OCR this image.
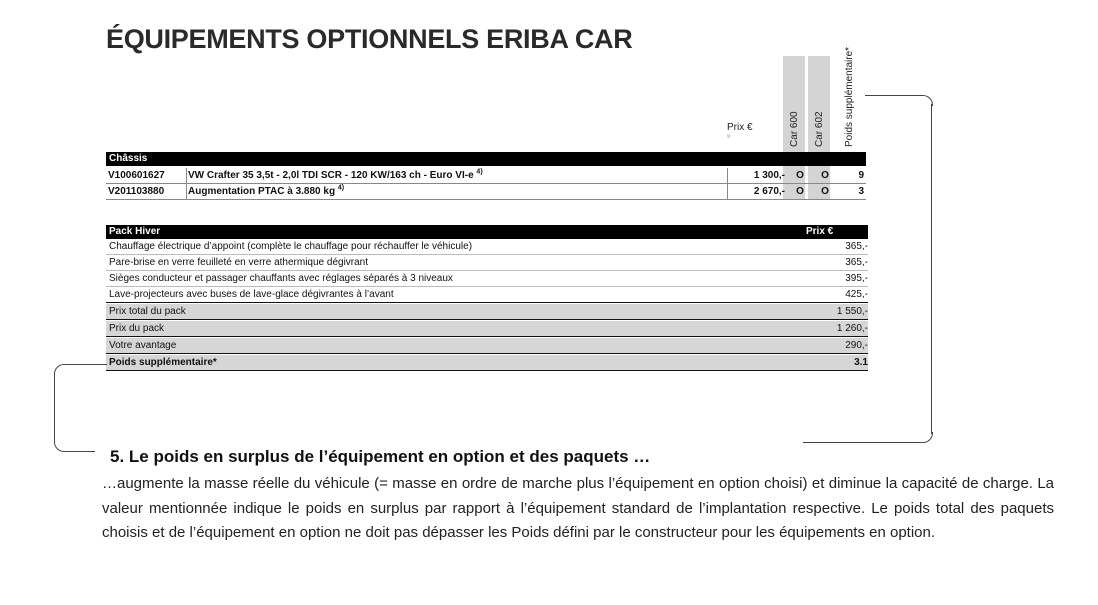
ÉQUIPEMENTS OPTIONNELS ERIBA CAR
Prix €
¹⁾	Car 600 Car 602 Poids supplémentaire*
Châssis
V100601627 VW Crafter 35 3,5t - 2,0l TDI SCR - 120 KW/163 ch - Euro VI-e $^{4)}$	1 300,-	O	O	9
V201103880 Augmentation PTAC à 3.880 kg $^{4)}$	2 670,-	O	O	3
Pack Hiver	Prix €
Chauffage électrique d’appoint (complète le chauffage pour réchauffer le véhicule)	365,-
Pare-brise en verre feuilleté en verre athermique dégivrant	365,-
Sièges conducteur et passager chauffants avec réglages séparés à 3 niveaux	395,-
Lave-projecteurs avec buses de lave-glace dégivrantes à l’avant	425,-
Prix total du pack	1 550,-
Prix du pack	1 260,-
Votre avantage	290,-
Poids supplémentaire*	3.1
5. Le poids en surplus de l’équipement en option et des paquets …
…augmente la masse réelle du véhicule (= masse en ordre de marche plus l’équipement en option choisi) et diminue la capacité de charge. La valeur mentionnée indique le poids en surplus par rapport à l’équipement standard de l’implantation respective. Le poids total des paquets choisis et de l’équipement en option ne doit pas dépasser les Poids défini par le constructeur pour les équipements en option.
